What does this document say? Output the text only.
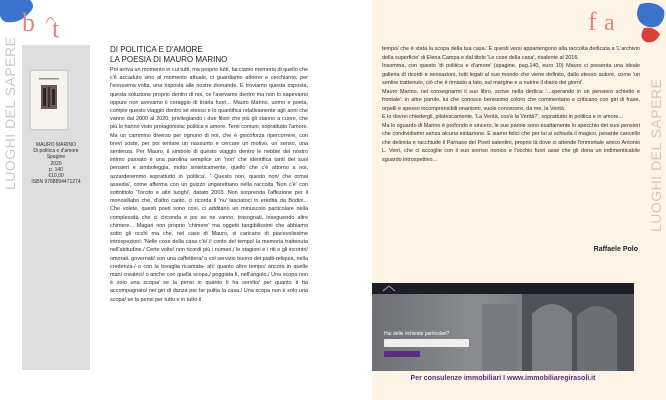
b t
LUOGHI DEL SAPERE	MAURO MARINO
Di politica e d'amore
Spagine
2020
p. 140
€10,00
ISBN 9788894471274
DI POLITICA E D'AMORE
LA POESIA DI MAURO MARINO

Poi arriva un momento in cui tutti, ma proprio tutti, facciamo memoria di quello che c'è accaduto sino al momento attuale, ci guardiamo attorno e cerchiamo, per l'ennesima volta, una risposta alle nostre domande. E troviamo questa risposta, questa soluzione proprio dentro di noi, ce l'avevamo dentro ma non lo sapevamo oppure non avevamo il coraggio di tirarla fuori... Mauro Marino, uomo e poeta, compie questo viaggio dentro sé stesso e lo quantifica relativamente agli anni che vanno dal 2000 al 2020, privilegiando i due filoni che più gli stanno a cuore, che più lo hanno visto protagonista: politica e amore. Temi comuni, soprattutto l'amore. Ma un cammino diverso per ognuno di noi, che è giocoforza ripercorrere, con brevi soste, per poi tentare un riassunto e cercare un motivo, un senso, una sentenza. Per Mauro, il simbolo di questo viaggio dentro le nebbie del nostro intimo passato è una parolina semplice un 'non' che identifica tanti dei suoi pensieri e simboleggia, molto sinteticamente, quello che c'è attorno a noi, azzarderemmo soprattutto in 'politica'. ' Questo non, questo non/ che ormai assedia', come afferma con un guizzo ungarettiano nella raccolta 'Non c'è' con sottotitolo 'Torcito e altri luoghi', datato 2003. Non sorprenda l'affezione per il monosillabo che, d'altro canto, ci ricorda il 'nu' lasciatoci in eredità da Bodini... Che volete, questi poeti sono così, ci additano un minuscolo particolare nella complessità che ci circonda e poi se ne vanno, trasognati, inseguendo altre chimere... Magari non proprio 'chimere' ma oggetti tangibilissimi che abbiamo sotto gli occhi ma che, nel caso di Mauro, si caricano di piacevolissime introspezioni: 'Nelle cose della casa c'è/ il conto del tempo/ la memoria trattenuta nell'abitudine./ Certe volte/ non ricordi più i numeri,/ le stagioni e i riti e gli incontri/ omorati, governati/ con una caffettiera/ o col servizio buono dei piatti-reliquia, nella credenza-/ o con la tovaglia ricamata- ah! quanto altro tempo/ ancora in quelle mani creatrici/ o anche con quella scopa,/ poggiata lì, nell'angolo./ Una scopa non è solo una scopa/ se la pensi in quanto ti ha servito/ per quanto ti ha accompagnato/ nei giri di danza per far pulita la casa./ Una scopa non è solo una scopa/ se la pensi per tutto e in tutto il

f a

tempo/ che è stata la scopa della tua casa.' E questi versi appartengono alla raccolta dedicata a 'L'archivio della superficie' di Elena Campa e dal titolo 'Le cose della casa', risalente al 2016.

Insomma, con questo 'di politica e d'amore' (spagine, pag.140, euro 10) Mauro ci presenta una ideale galleria di ricordi e sensazioni, tutti legati al suo mondo che viene definito, dallo stesso autore, come 'un sentire trattenuto, ciò che è rimasto a lato, sul margine e a nutrire il diario dei giorni'.

Mauro Marino, nel consegnarmi il suo libro, scrive nella dedica: '...sperando in un pensiero schietto e frontale': in altre parole, lui che conosce benissimo coloro che commentano e criticano con giri di frase, orpelli e spesso incomprensibili onanismi, vuole conoscere, da me, la Verità.

E io dovrei chiedergli, pilatescamente, 'La Verità, cos'è la Verità?', soprattutto in politica e in amore...

Ma lo sguardo di Marino è profondo e sincero, le sue parole sono esattamente lo specchio dei suoi pensieri che condividiamo senza alcuna esitazione. E siamo felici che per lui si schiuda il magico, pesante cancello che delimita e racchiude il Parnaso dei Poeti salentini, proprio là dove ci attende l'immortale amico Antonio L. Verri, che ci accoglie con il suo sorriso ironico e l'occhio fuori asse che gli dona un indimenticabile sguardo introspettivo...

Raffaele Polo
LUOGHI DEL SAPERE
Hai delle richieste particolari?
Per consulenze immobiliari I www.immobiliaregirasoli.it
